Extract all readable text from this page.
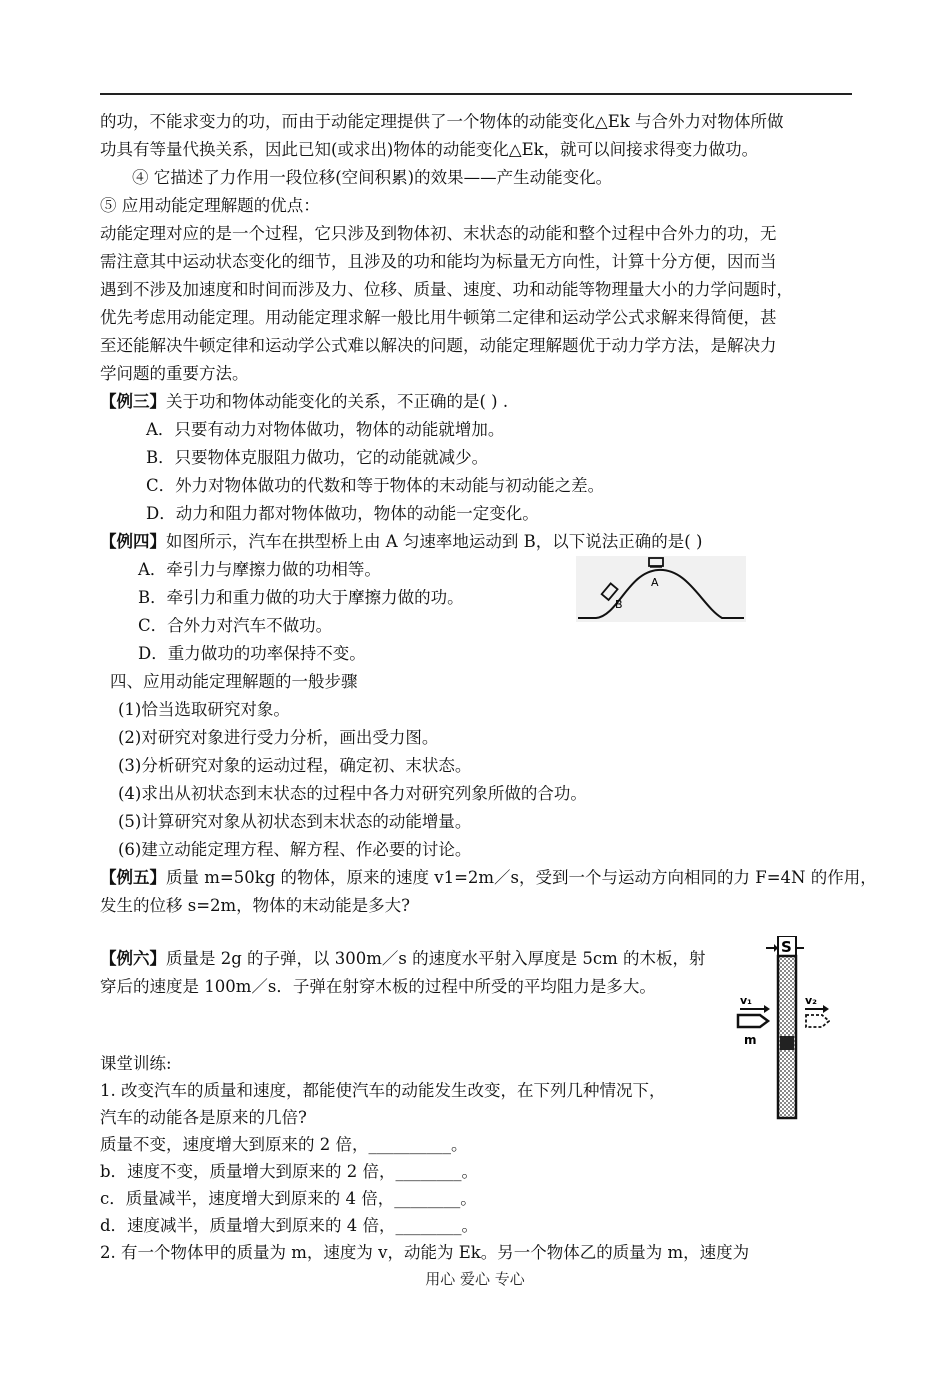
的功，不能求变力的功，而由于动能定理提供了一个物体的动能变化△Ek 与合外力对物体所做
功具有等量代换关系，因此已知(或求出)物体的动能变化△Ek，就可以间接求得变力做功。
④ 它描述了力作用一段位移(空间积累)的效果——产生动能变化。
⑤ 应用动能定理解题的优点：
动能定理对应的是一个过程，它只涉及到物体初、末状态的动能和整个过程中合外力的功，无
需注意其中运动状态变化的细节，且涉及的功和能均为标量无方向性，计算十分方便，因而当
遇到不涉及加速度和时间而涉及力、位移、质量、速度、功和动能等物理量大小的力学问题时，
优先考虑用动能定理。用动能定理求解一般比用牛顿第二定律和运动学公式求解来得简便，甚
至还能解决牛顿定律和运动学公式难以解决的问题，动能定理解题优于动力学方法，是解决力
学问题的重要方法。
【例三】关于功和物体动能变化的关系，不正确的是( ) .
A．只要有动力对物体做功，物体的动能就增加。
B．只要物体克服阻力做功，它的动能就减少。
C．外力对物体做功的代数和等于物体的末动能与初动能之差。
D．动力和阻力都对物体做功，物体的动能一定变化。
【例四】如图所示，汽车在拱型桥上由 A 匀速率地运动到 B，以下说法正确的是( )
A．牵引力与摩擦力做的功相等。
B．牵引力和重力做的功大于摩擦力做的功。
C．合外力对汽车不做功。
D．重力做功的功率保持不变。
A
B
四、应用动能定理解题的一般步骤
(1)恰当选取研究对象。
(2)对研究对象进行受力分析，画出受力图。
(3)分析研究对象的运动过程，确定初、末状态。
(4)求出从初状态到末状态的过程中各力对研究列象所做的合功。
(5)计算研究对象从初状态到末状态的动能增量。
(6)建立动能定理方程、解方程、作必要的讨论。
【例五】质量 m=50kg 的物体，原来的速度 v1=2m／s，受到一个与运动方向相同的力 F=4N 的作用，
发生的位移 s=2m，物体的末动能是多大?
【例六】质量是 2g 的子弹，以 300m／s 的速度水平射入厚度是 5cm 的木板，射
穿后的速度是 100m／s．子弹在射穿木板的过程中所受的平均阻力是多大。
S
v₁
m
v₂
课堂训练:
1. 改变汽车的质量和速度，都能使汽车的动能发生改变，在下列几种情况下，
汽车的动能各是原来的几倍?
质量不变，速度增大到原来的 2 倍，__________。
b．速度不变，质量增大到原来的 2 倍，________。
c．质量减半，速度增大到原来的 4 倍，________。
d．速度减半，质量增大到原来的 4 倍，________。
2. 有一个物体甲的质量为 m，速度为 v，动能为 Ek。另一个物体乙的质量为 m，速度为
用心 爱心 专心
